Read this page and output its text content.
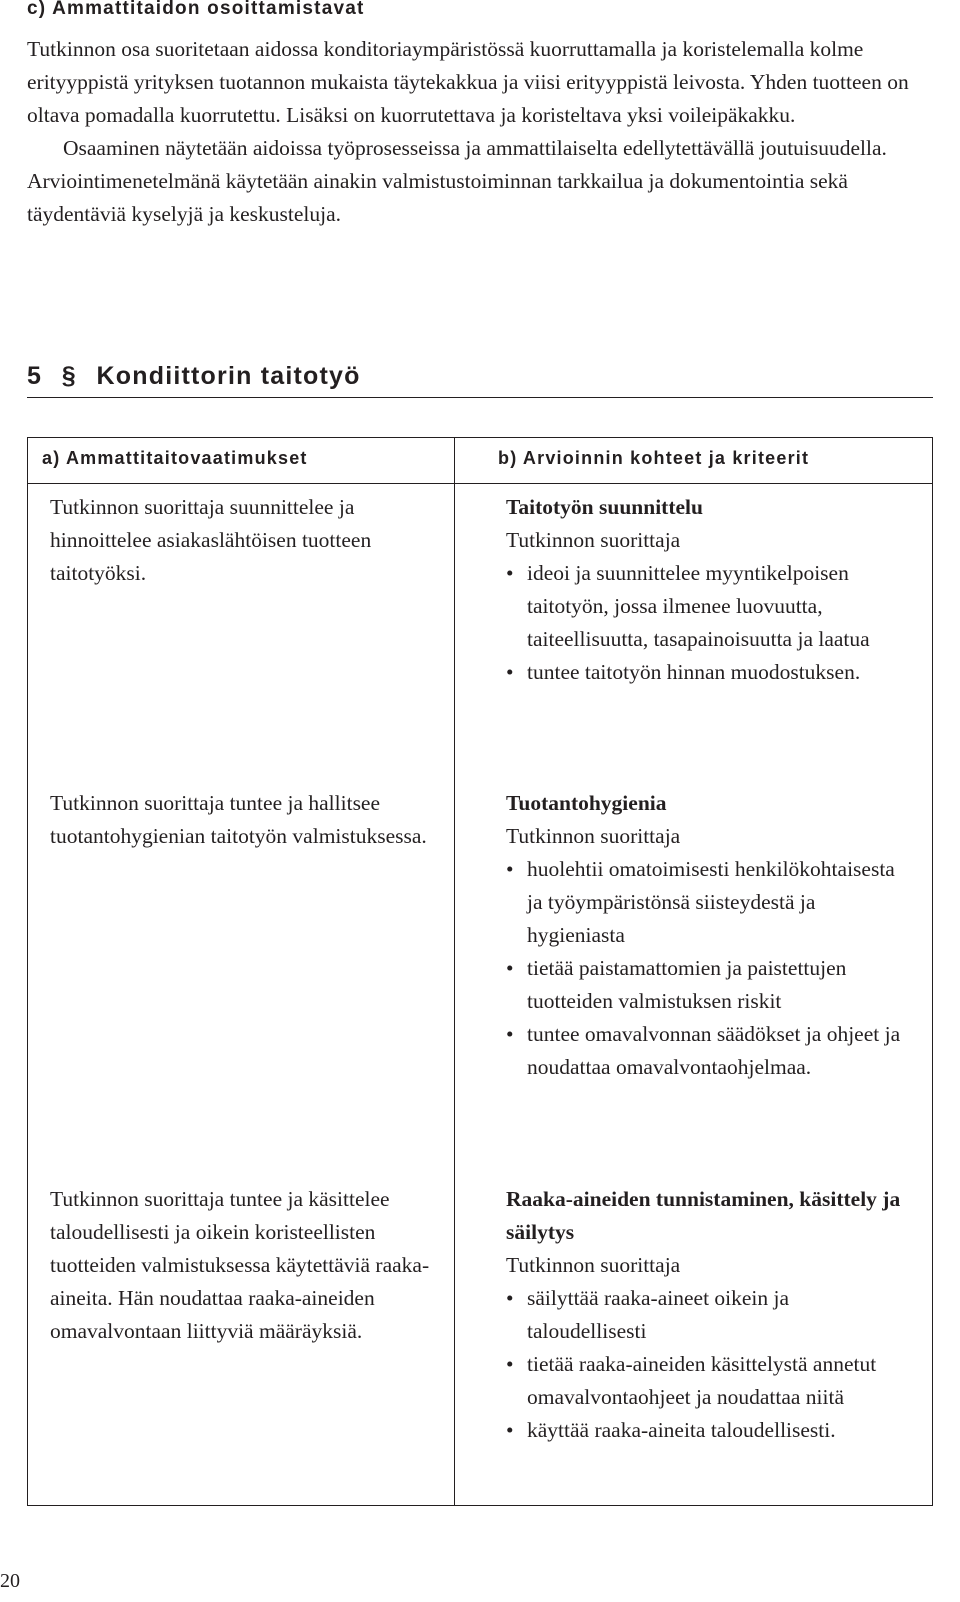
c) Ammattitaidon osoittamistavat
Tutkinnon osa suoritetaan aidossa konditoriaympäristössä kuorruttamalla ja koristelemalla kolme erityyppistä yrityksen tuotannon mukaista täytekakkua ja viisi erityyppistä leivosta. Yhden tuotteen on oltava pomadalla kuorrutettu. Lisäksi on kuorrutettava ja koristeltava yksi voileipäkakku.
Osaaminen näytetään aidoissa työprosesseissa ja ammattilaiselta edellytettävällä joutuisuudella. Arviointimenetelmänä käytetään ainakin valmistustoiminnan tarkkailua ja dokumentointia sekä täydentäviä kyselyjä ja keskusteluja.
5 § Kondiittorin taitotyö
a) Ammattitaitovaatimukset	b) Arvioinnin kohteet ja kriteerit
Tutkinnon suorittaja suunnittelee ja hinnoittelee asiakaslähtöisen tuotteen taitotyöksi.
Taitotyön suunnittelu
Tutkinnon suorittaja
• ideoi ja suunnittelee myyntikelpoisen taitotyön, jossa ilmenee luovuutta, taiteellisuutta, tasapainoisuutta ja laatua
• tuntee taitotyön hinnan muodostuksen.
Tutkinnon suorittaja tuntee ja hallitsee tuotantohygienian taitotyön valmistuksessa.
Tuotantohygienia
Tutkinnon suorittaja
• huolehtii omatoimisesti henkilökohtaisesta ja työympäristönsä siisteydestä ja hygieniasta
• tietää paistamattomien ja paistettujen tuotteiden valmistuksen riskit
• tuntee omavalvonnan säädökset ja ohjeet ja noudattaa omavalvontaohjelmaa.
Tutkinnon suorittaja tuntee ja käsittelee taloudellisesti ja oikein koristeellisten tuotteiden valmistuksessa käytettäviä raaka-aineita. Hän noudattaa raaka-aineiden omavalvontaan liittyviä määräyksiä.
Raaka-aineiden tunnistaminen, käsittely ja säilytys
Tutkinnon suorittaja
• säilyttää raaka-aineet oikein ja taloudellisesti
• tietää raaka-aineiden käsittelystä annetut omavalvontaohjeet ja noudattaa niitä
• käyttää raaka-aineita taloudellisesti.
20
